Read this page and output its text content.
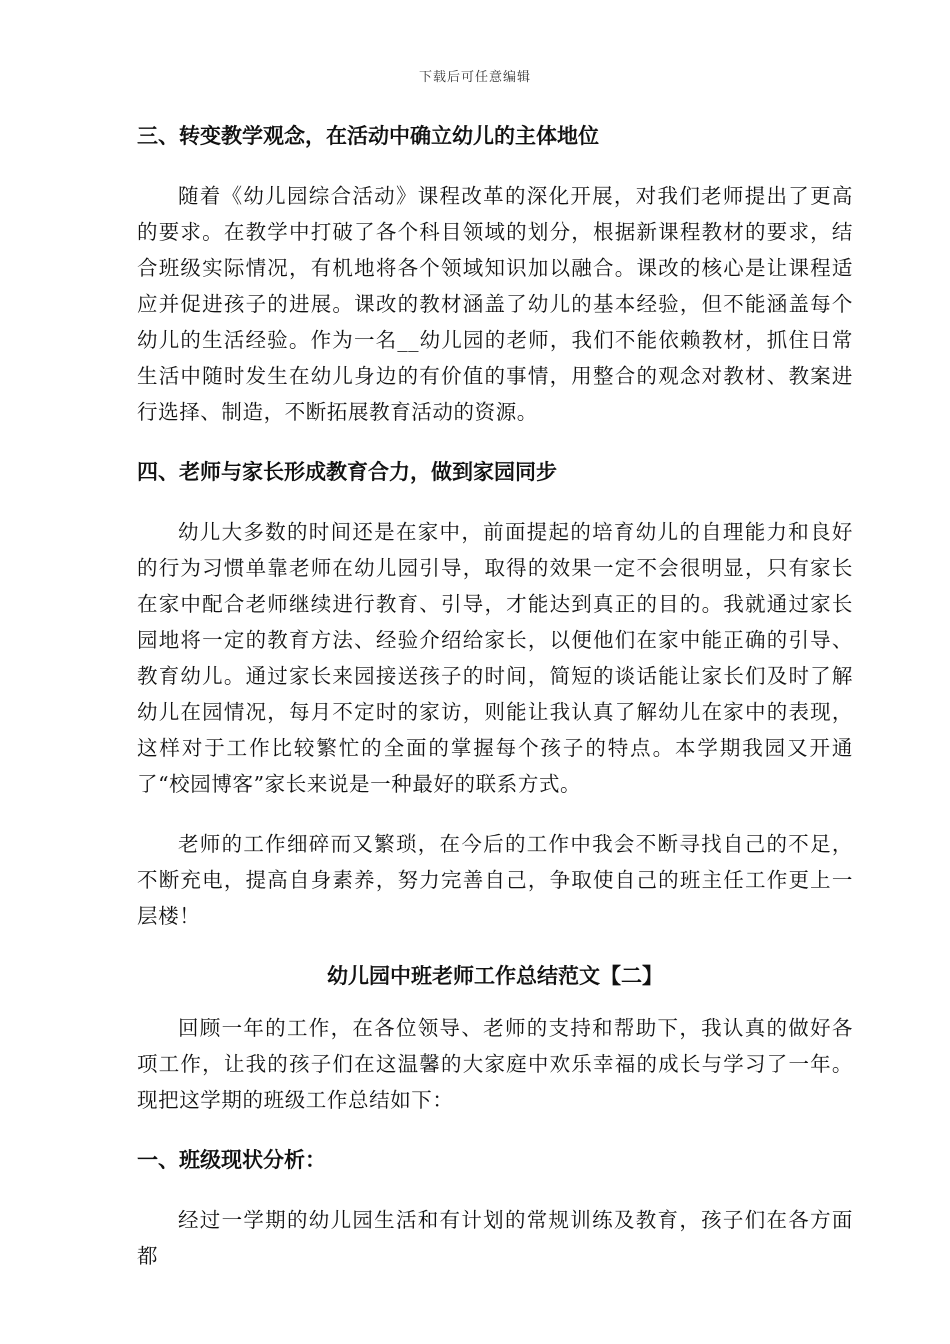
下载后可任意编辑

三、转变教学观念，在活动中确立幼儿的主体地位

随着《幼儿园综合活动》课程改革的深化开展，对我们老师提出了更高的要求。在教学中打破了各个科目领域的划分，根据新课程教材的要求，结合班级实际情况，有机地将各个领域知识加以融合。课改的核心是让课程适应并促进孩子的进展。课改的教材涵盖了幼儿的基本经验，但不能涵盖每个幼儿的生活经验。作为一名__幼儿园的老师，我们不能依赖教材，抓住日常生活中随时发生在幼儿身边的有价值的事情，用整合的观念对教材、教案进行选择、制造，不断拓展教育活动的资源。

四、老师与家长形成教育合力，做到家园同步

幼儿大多数的时间还是在家中，前面提起的培育幼儿的自理能力和良好的行为习惯单靠老师在幼儿园引导，取得的效果一定不会很明显，只有家长在家中配合老师继续进行教育、引导，才能达到真正的目的。我就通过家长园地将一定的教育方法、经验介绍给家长，以便他们在家中能正确的引导、教育幼儿。通过家长来园接送孩子的时间，简短的谈话能让家长们及时了解幼儿在园情况，每月不定时的家访，则能让我认真了解幼儿在家中的表现，这样对于工作比较繁忙的全面的掌握每个孩子的特点。本学期我园又开通了“校园博客”家长来说是一种最好的联系方式。

老师的工作细碎而又繁琐，在今后的工作中我会不断寻找自己的不足，不断充电，提高自身素养，努力完善自己，争取使自己的班主任工作更上一层楼！

幼儿园中班老师工作总结范文【二】

回顾一年的工作，在各位领导、老师的支持和帮助下，我认真的做好各项工作，让我的孩子们在这温馨的大家庭中欢乐幸福的成长与学习了一年。现把这学期的班级工作总结如下：

一、班级现状分析：

经过一学期的幼儿园生活和有计划的常规训练及教育，孩子们在各方面都
